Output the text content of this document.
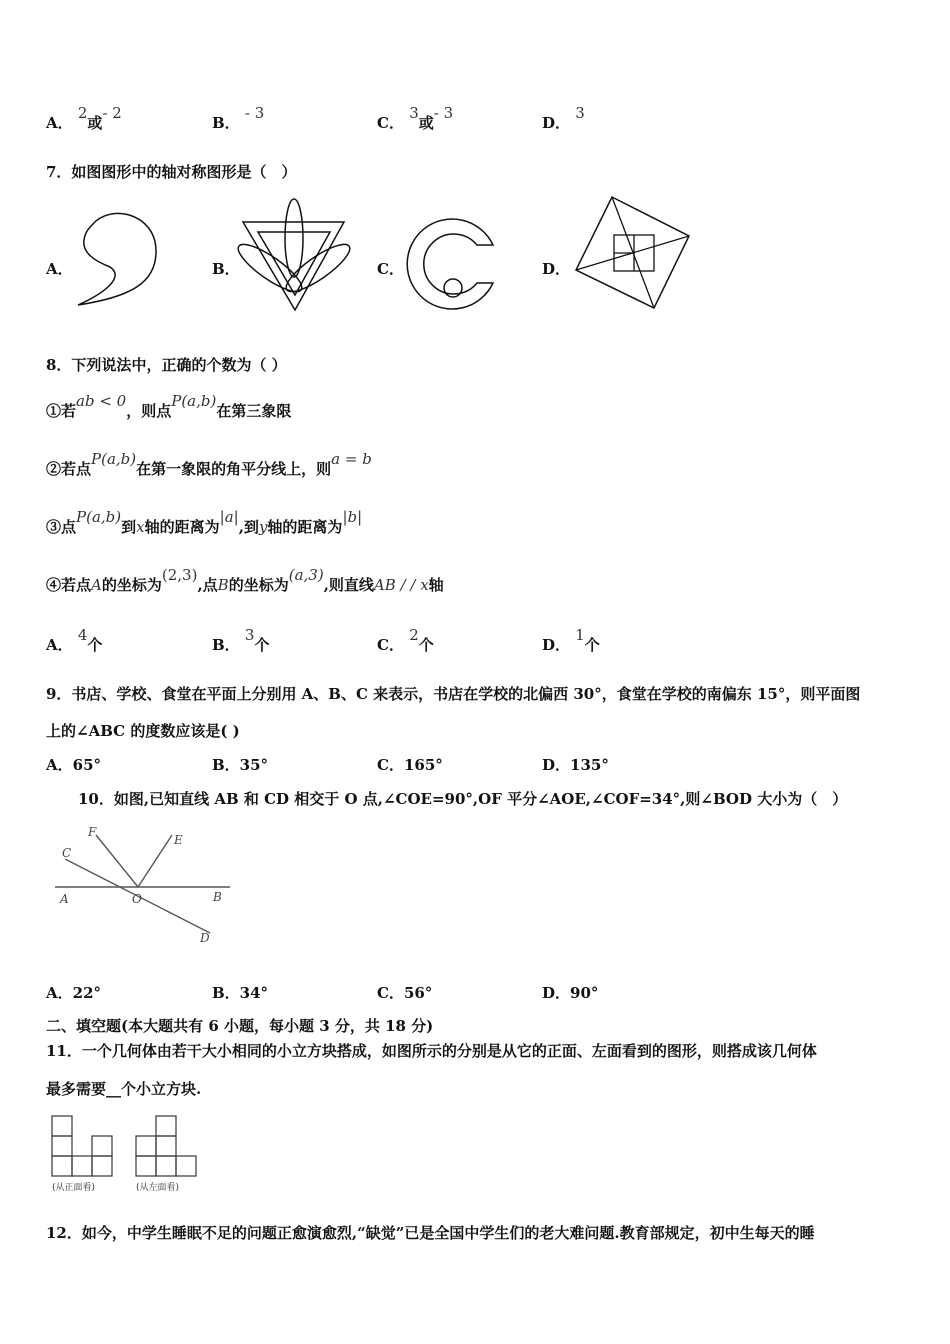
A． 2或- 2
B． - 3
C． 3或- 3
D． 3
7．如图图形中的轴对称图形是（　）
A．	B．	C．	D．
8．下列说法中，正确的个数为（ ）
①若ab < 0，则点P(a,b)在第三象限
②若点P(a,b)在第一象限的角平分线上，则a = b
③点P(a,b)到x轴的距离为|a|,到y轴的距离为|b|
④若点A的坐标为(2,3),点B的坐标为(a,3),则直线AB / / x轴
A． 4个	B． 3个	C． 2个	D． 1个
9．书店、学校、食堂在平面上分别用 A、B、C 来表示，书店在学校的北偏西 30°，食堂在学校的南偏东 15°，则平面图
上的∠ABC 的度数应该是( )
A．65°	B．35°	C．165°	D．135°
10．如图,已知直线 AB 和 CD 相交于 O 点,∠COE=90°,OF 平分∠AOE,∠COF=34°,则∠BOD 大小为（　）
F
E
C
A	O	B
D
A．22°	B．34°	C．56°	D．90°
二、填空题(本大题共有 6 小题，每小题 3 分，共 18 分)
11．一个几何体由若干大小相同的小立方块搭成，如图所示的分别是从它的正面、左面看到的图形，则搭成该几何体
最多需要__个小立方块.
(从正面看)	(从左面看)
12．如今，中学生睡眠不足的问题正愈演愈烈,“缺觉”已是全国中学生们的老大难问题.教育部规定，初中生每天的睡
